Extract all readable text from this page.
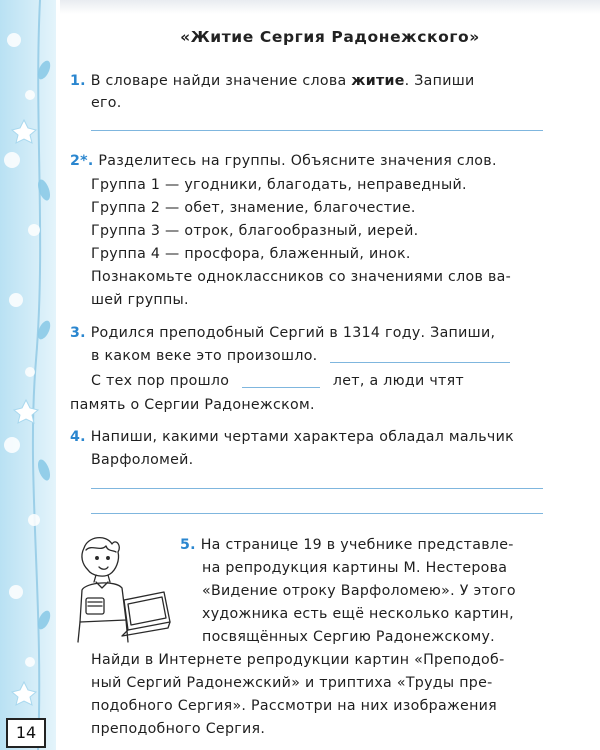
14
«Житие Сергия Радонежского»
1. В словаре найди значение слова житие. Запиши
его.
2*. Разделитесь на группы. Объясните значения слов.
Группа 1 — угодники, благодать, неправедный.
Группа 2 — обет, знамение, благочестие.
Группа 3 — отрок, благообразный, иерей.
Группа 4 — просфора, блаженный, инок.
Познакомьте одноклассников со значениями слов ва-
шей группы.
3. Родился преподобный Сергий в 1314 году. Запиши,
в каком веке это произошло.
С тех пор прошло	лет, а люди чтят
память о Сергии Радонежском.
4. Напиши, какими чертами характера обладал мальчик
Варфоломей.
5. На странице 19 в учебнике представле-
на репродукция картины М. Нестерова
«Видение отроку Варфоломею». У этого
художника есть ещё несколько картин,
посвящённых Сергию Радонежскому.
Найди в Интернете репродукции картин «Преподоб-
ный Сергий Радонежский» и триптиха «Труды пре-
подобного Сергия». Рассмотри на них изображения
преподобного Сергия.
